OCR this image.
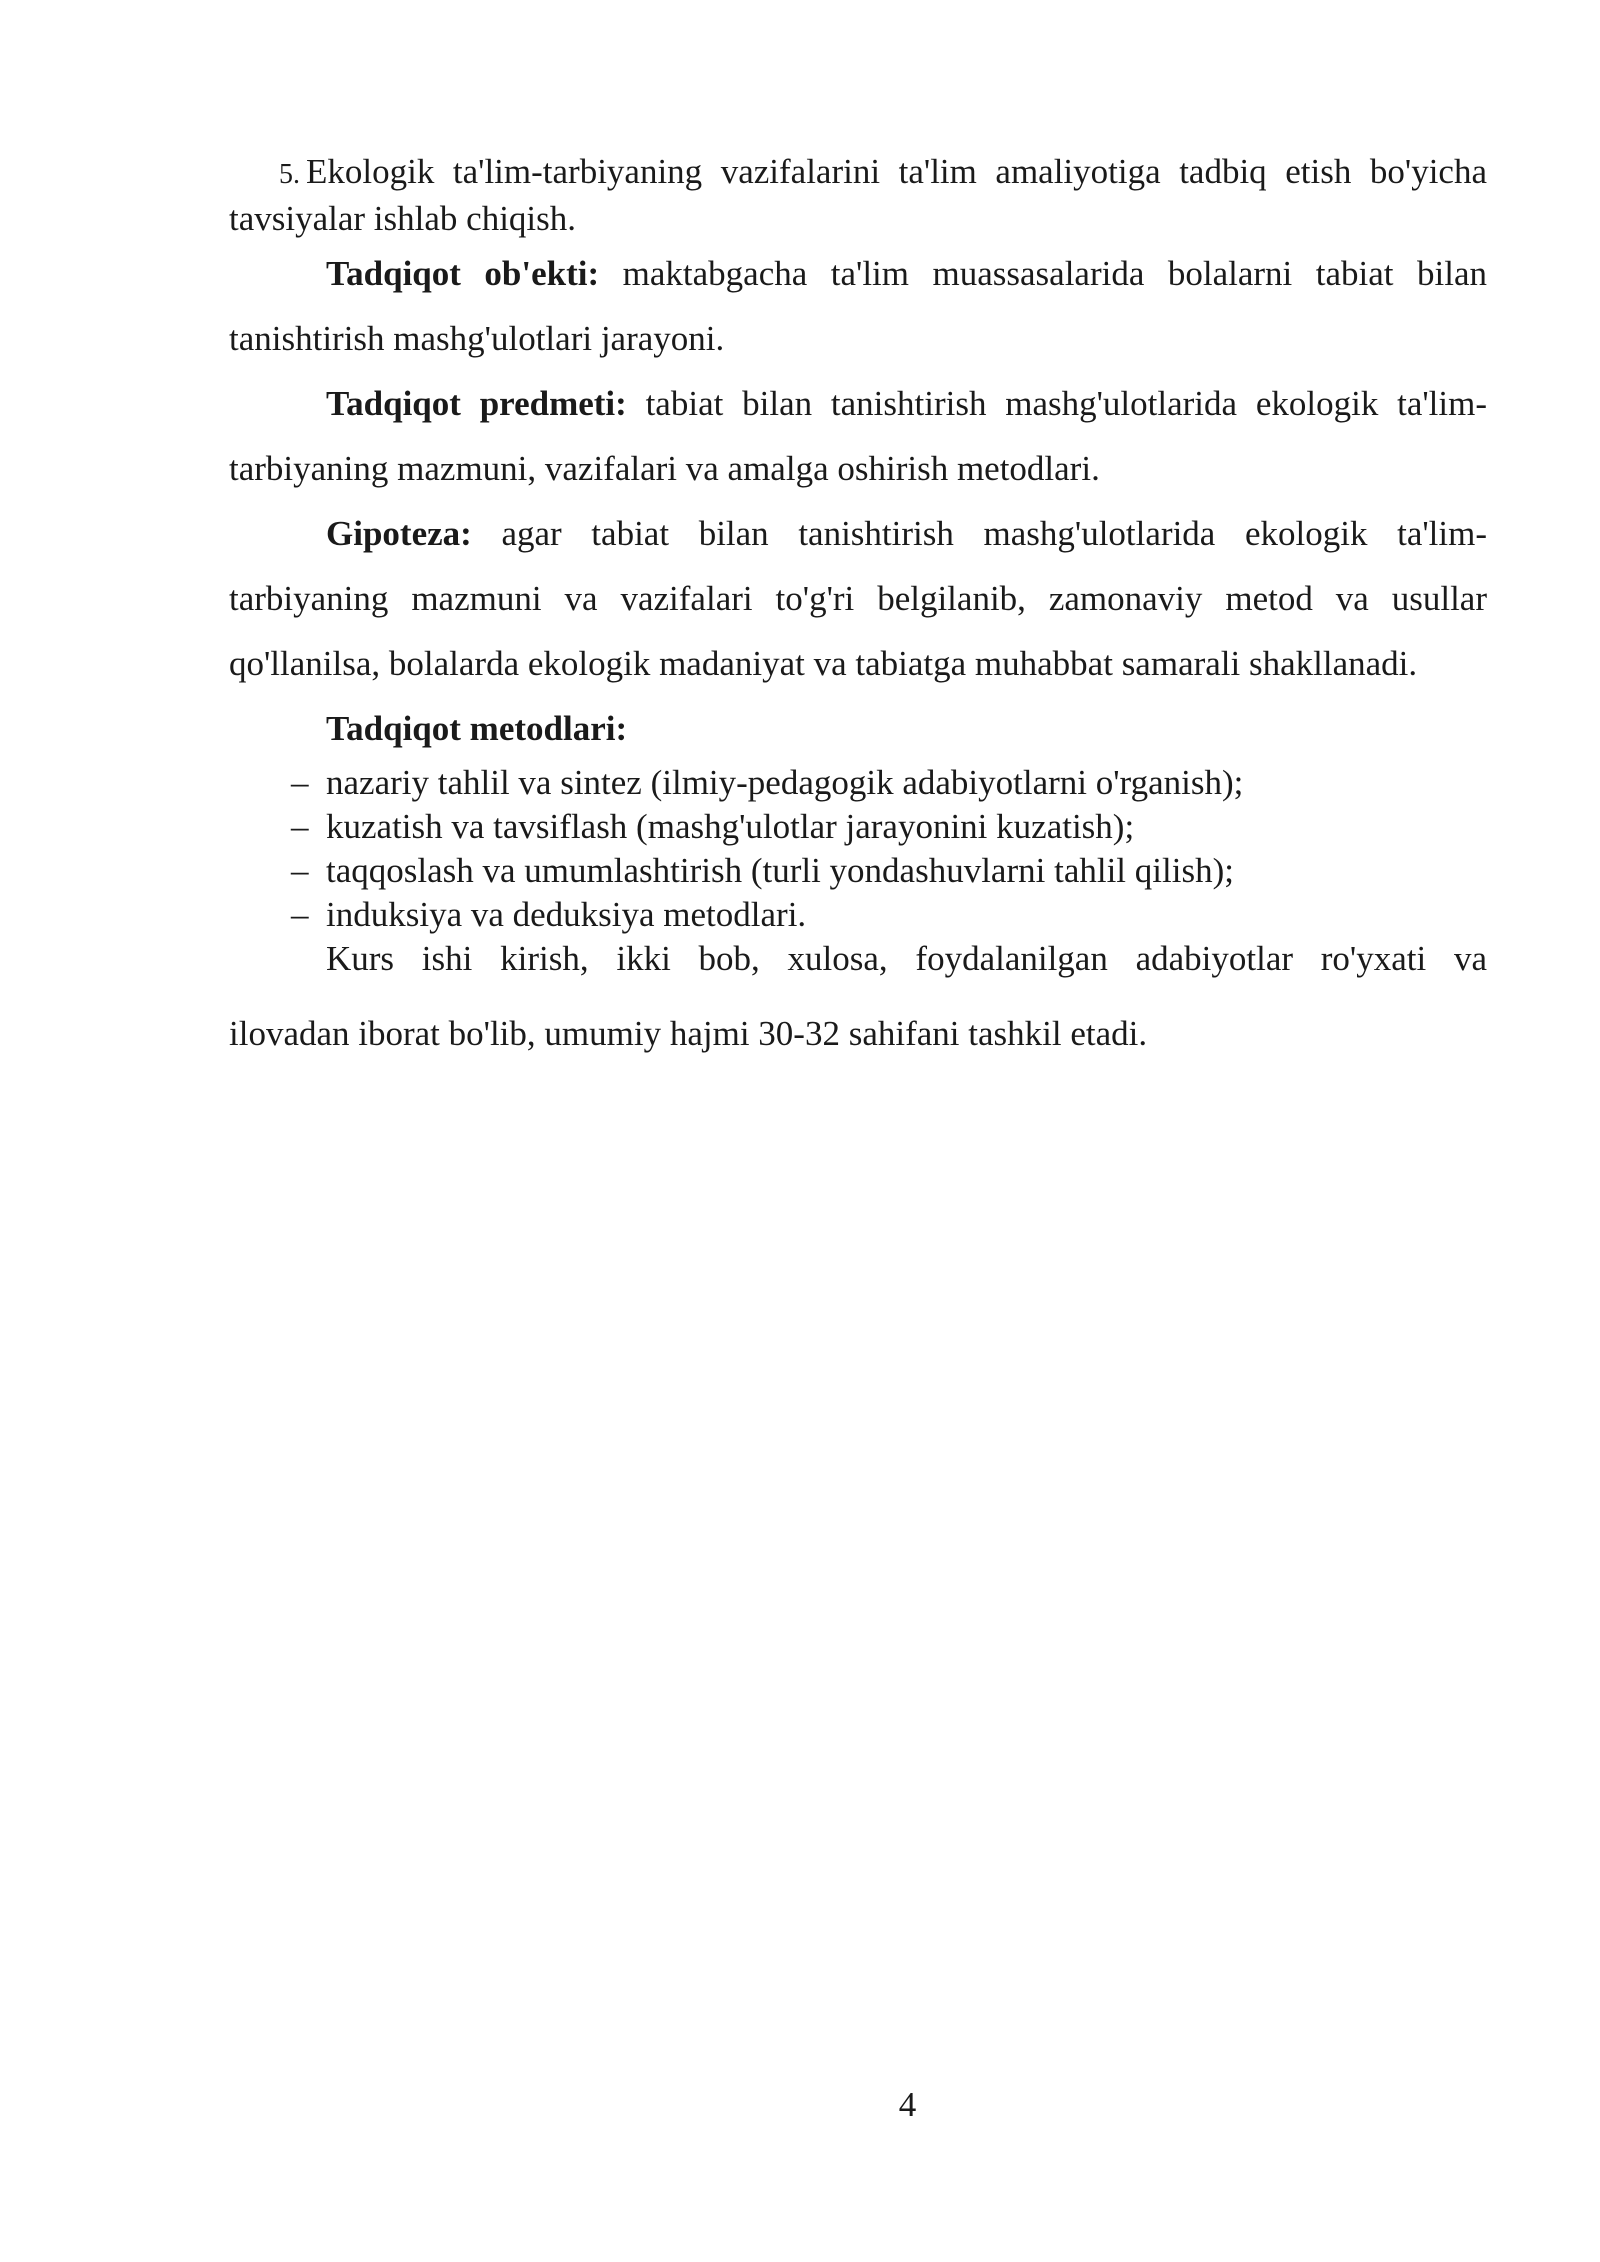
5. Ekologik ta'lim-tarbiyaning vazifalarini ta'lim amaliyotiga tadbiq etish bo'yicha tavsiyalar ishlab chiqish.

Tadqiqot ob'ekti: maktabgacha ta'lim muassasalarida bolalarni tabiat bilan tanishtirish mashg'ulotlari jarayoni.

Tadqiqot predmeti: tabiat bilan tanishtirish mashg'ulotlarida ekologik ta'lim-tarbiyaning mazmuni, vazifalari va amalga oshirish metodlari.

Gipoteza: agar tabiat bilan tanishtirish mashg'ulotlarida ekologik ta'lim-tarbiyaning mazmuni va vazifalari to'g'ri belgilanib, zamonaviy metod va usullar qo'llanilsa, bolalarda ekologik madaniyat va tabiatga muhabbat samarali shakllanadi.

Tadqiqot metodlari:

– nazariy tahlil va sintez (ilmiy-pedagogik adabiyotlarni o'rganish);
– kuzatish va tavsiflash (mashg'ulotlar jarayonini kuzatish);
– taqqoslash va umumlashtirish (turli yondashuvlarni tahlil qilish);
– induksiya va deduksiya metodlari.

Kurs ishi kirish, ikki bob, xulosa, foydalanilgan adabiyotlar ro'yxati va

ilovadan iborat bo'lib, umumiy hajmi 30-32 sahifani tashkil etadi.

4
